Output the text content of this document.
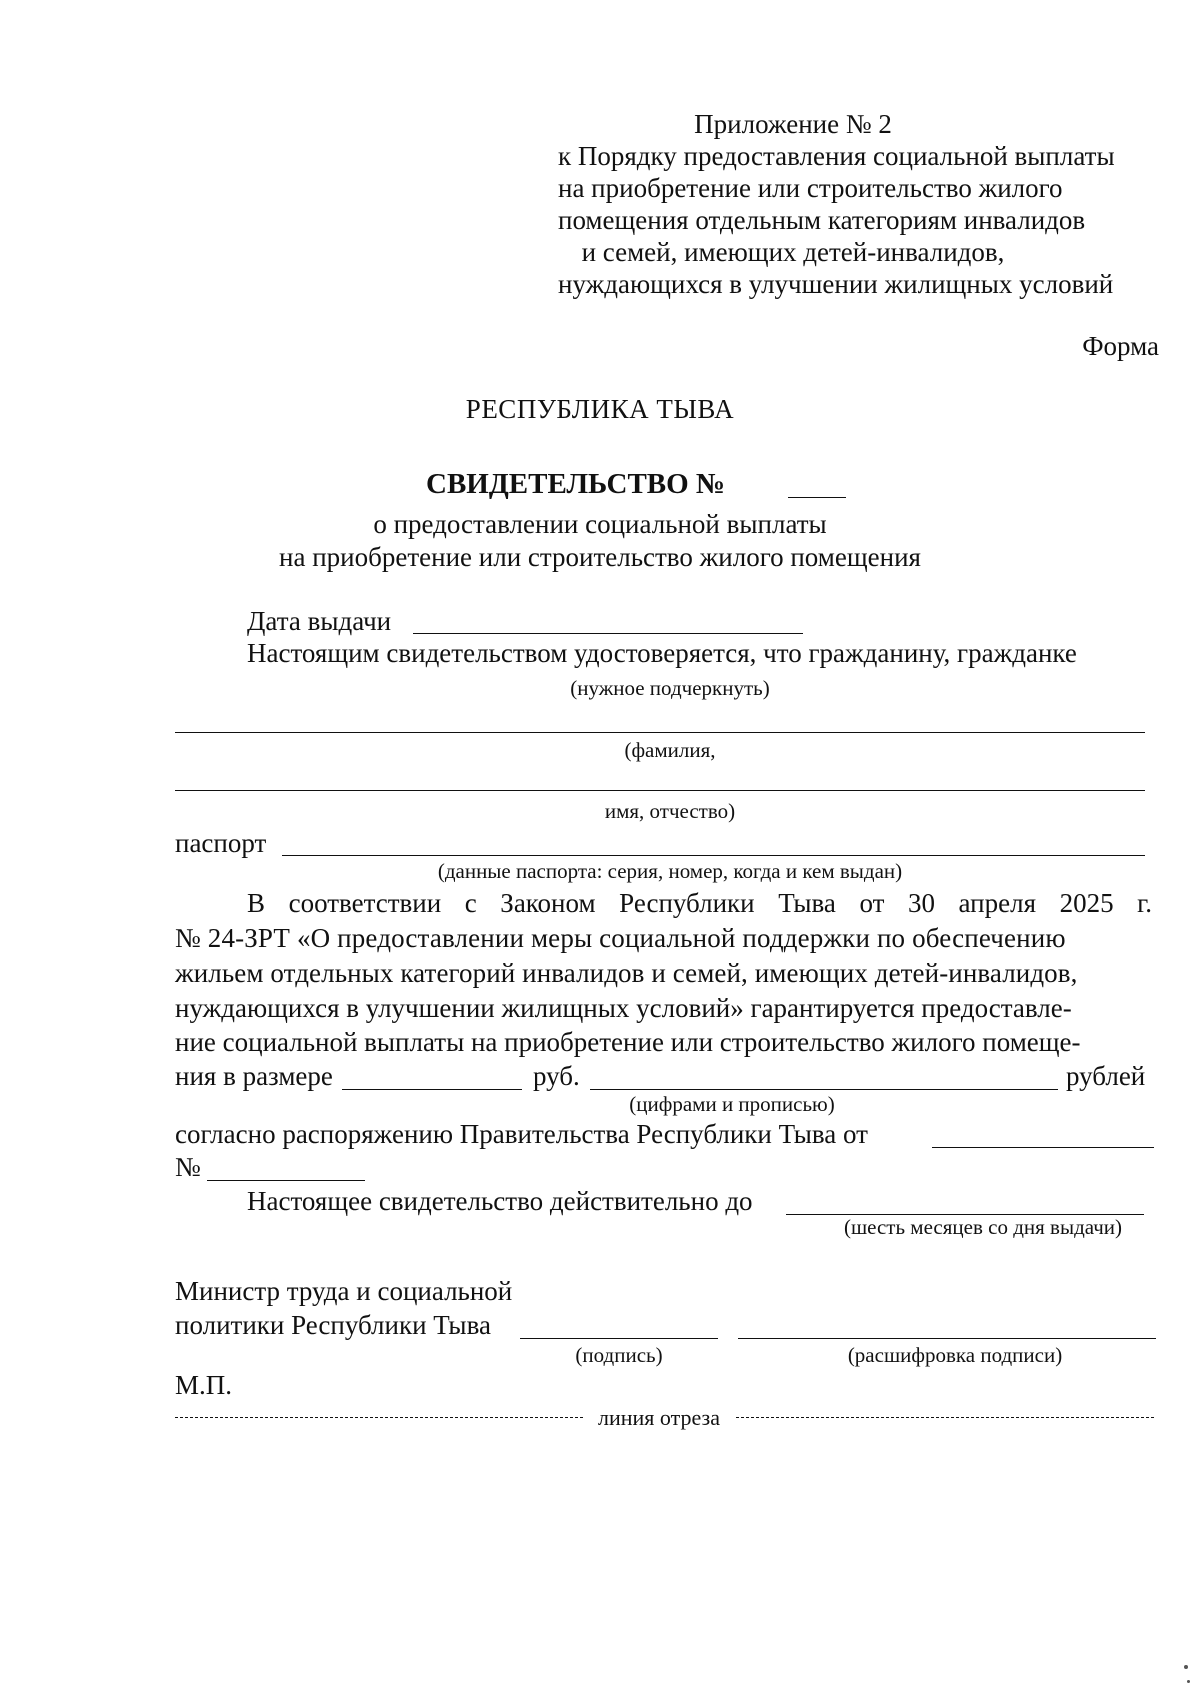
Приложение № 2
к Порядку предоставления социальной выплаты
на приобретение или строительство жилого
помещения отдельным категориям инвалидов
и семей, имеющих детей-инвалидов,
нуждающихся в улучшении жилищных условий
Форма
РЕСПУБЛИКА ТЫВА
СВИДЕТЕЛЬСТВО №
о предоставлении социальной выплаты
на приобретение или строительство жилого помещения
Дата выдачи
Настоящим свидетельством удостоверяется, что гражданину, гражданке
(нужное подчеркнуть)
(фамилия,
имя, отчество)
паспорт
(данные паспорта: серия, номер, когда и кем выдан)
В соответствии с Законом Республики Тыва от 30 апреля 2025 г.
№ 24-ЗРТ «О предоставлении меры социальной поддержки по обеспечению
жильем отдельных категорий инвалидов и семей, имеющих детей-инвалидов,
нуждающихся в улучшении жилищных условий» гарантируется предоставле-
ние социальной выплаты на приобретение или строительство жилого помеще-
ния в размере	руб.	рублей
(цифрами и прописью)
согласно распоряжению Правительства Республики Тыва от
№
Настоящее свидетельство действительно до
(шесть месяцев со дня выдачи)
Министр труда и социальной
политики Республики Тыва
(подпись)	(расшифровка подписи)
М.П.
линия отреза
